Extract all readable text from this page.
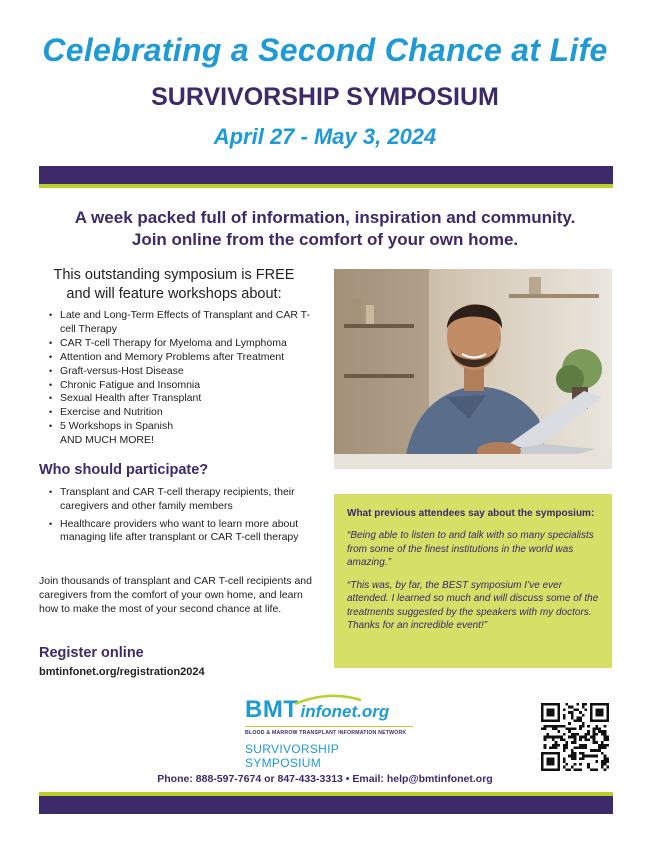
Celebrating a Second Chance at Life
SURVIVORSHIP SYMPOSIUM
April 27 - May 3, 2024
A week packed full of information, inspiration and community.
Join online from the comfort of your own home.
This outstanding symposium is FREE
and will feature workshops about:
• Late and Long-Term Effects of Transplant and CAR T-cell Therapy
• CAR T-cell Therapy for Myeloma and Lymphoma
• Attention and Memory Problems after Treatment
• Graft-versus-Host Disease
• Chronic Fatigue and Insomnia
• Sexual Health after Transplant
• Exercise and Nutrition
• 5 Workshops in Spanish
AND MUCH MORE!
Who should participate?
• Transplant and CAR T-cell therapy recipients, their caregivers and other family members
• Healthcare providers who want to learn more about managing life after transplant or CAR T-cell therapy
Join thousands of transplant and CAR T-cell recipients and caregivers from the comfort of your own home, and learn how to make the most of your second chance at life.
Register online
bmtinfonet.org/registration2024
What previous attendees say about the symposium:
“Being able to listen to and talk with so many specialists from some of the finest institutions in the world was amazing.”
“This was, by far, the BEST symposium I’ve ever attended. I learned so much and will discuss some of the treatments suggested by the speakers with my doctors. Thanks for an incredible event!”
BMT infonet.org
BLOOD & MARROW TRANSPLANT INFORMATION NETWORK
SURVIVORSHIP SYMPOSIUM
Phone: 888-597-7674 or 847-433-3313 • Email: help@bmtinfonet.org
